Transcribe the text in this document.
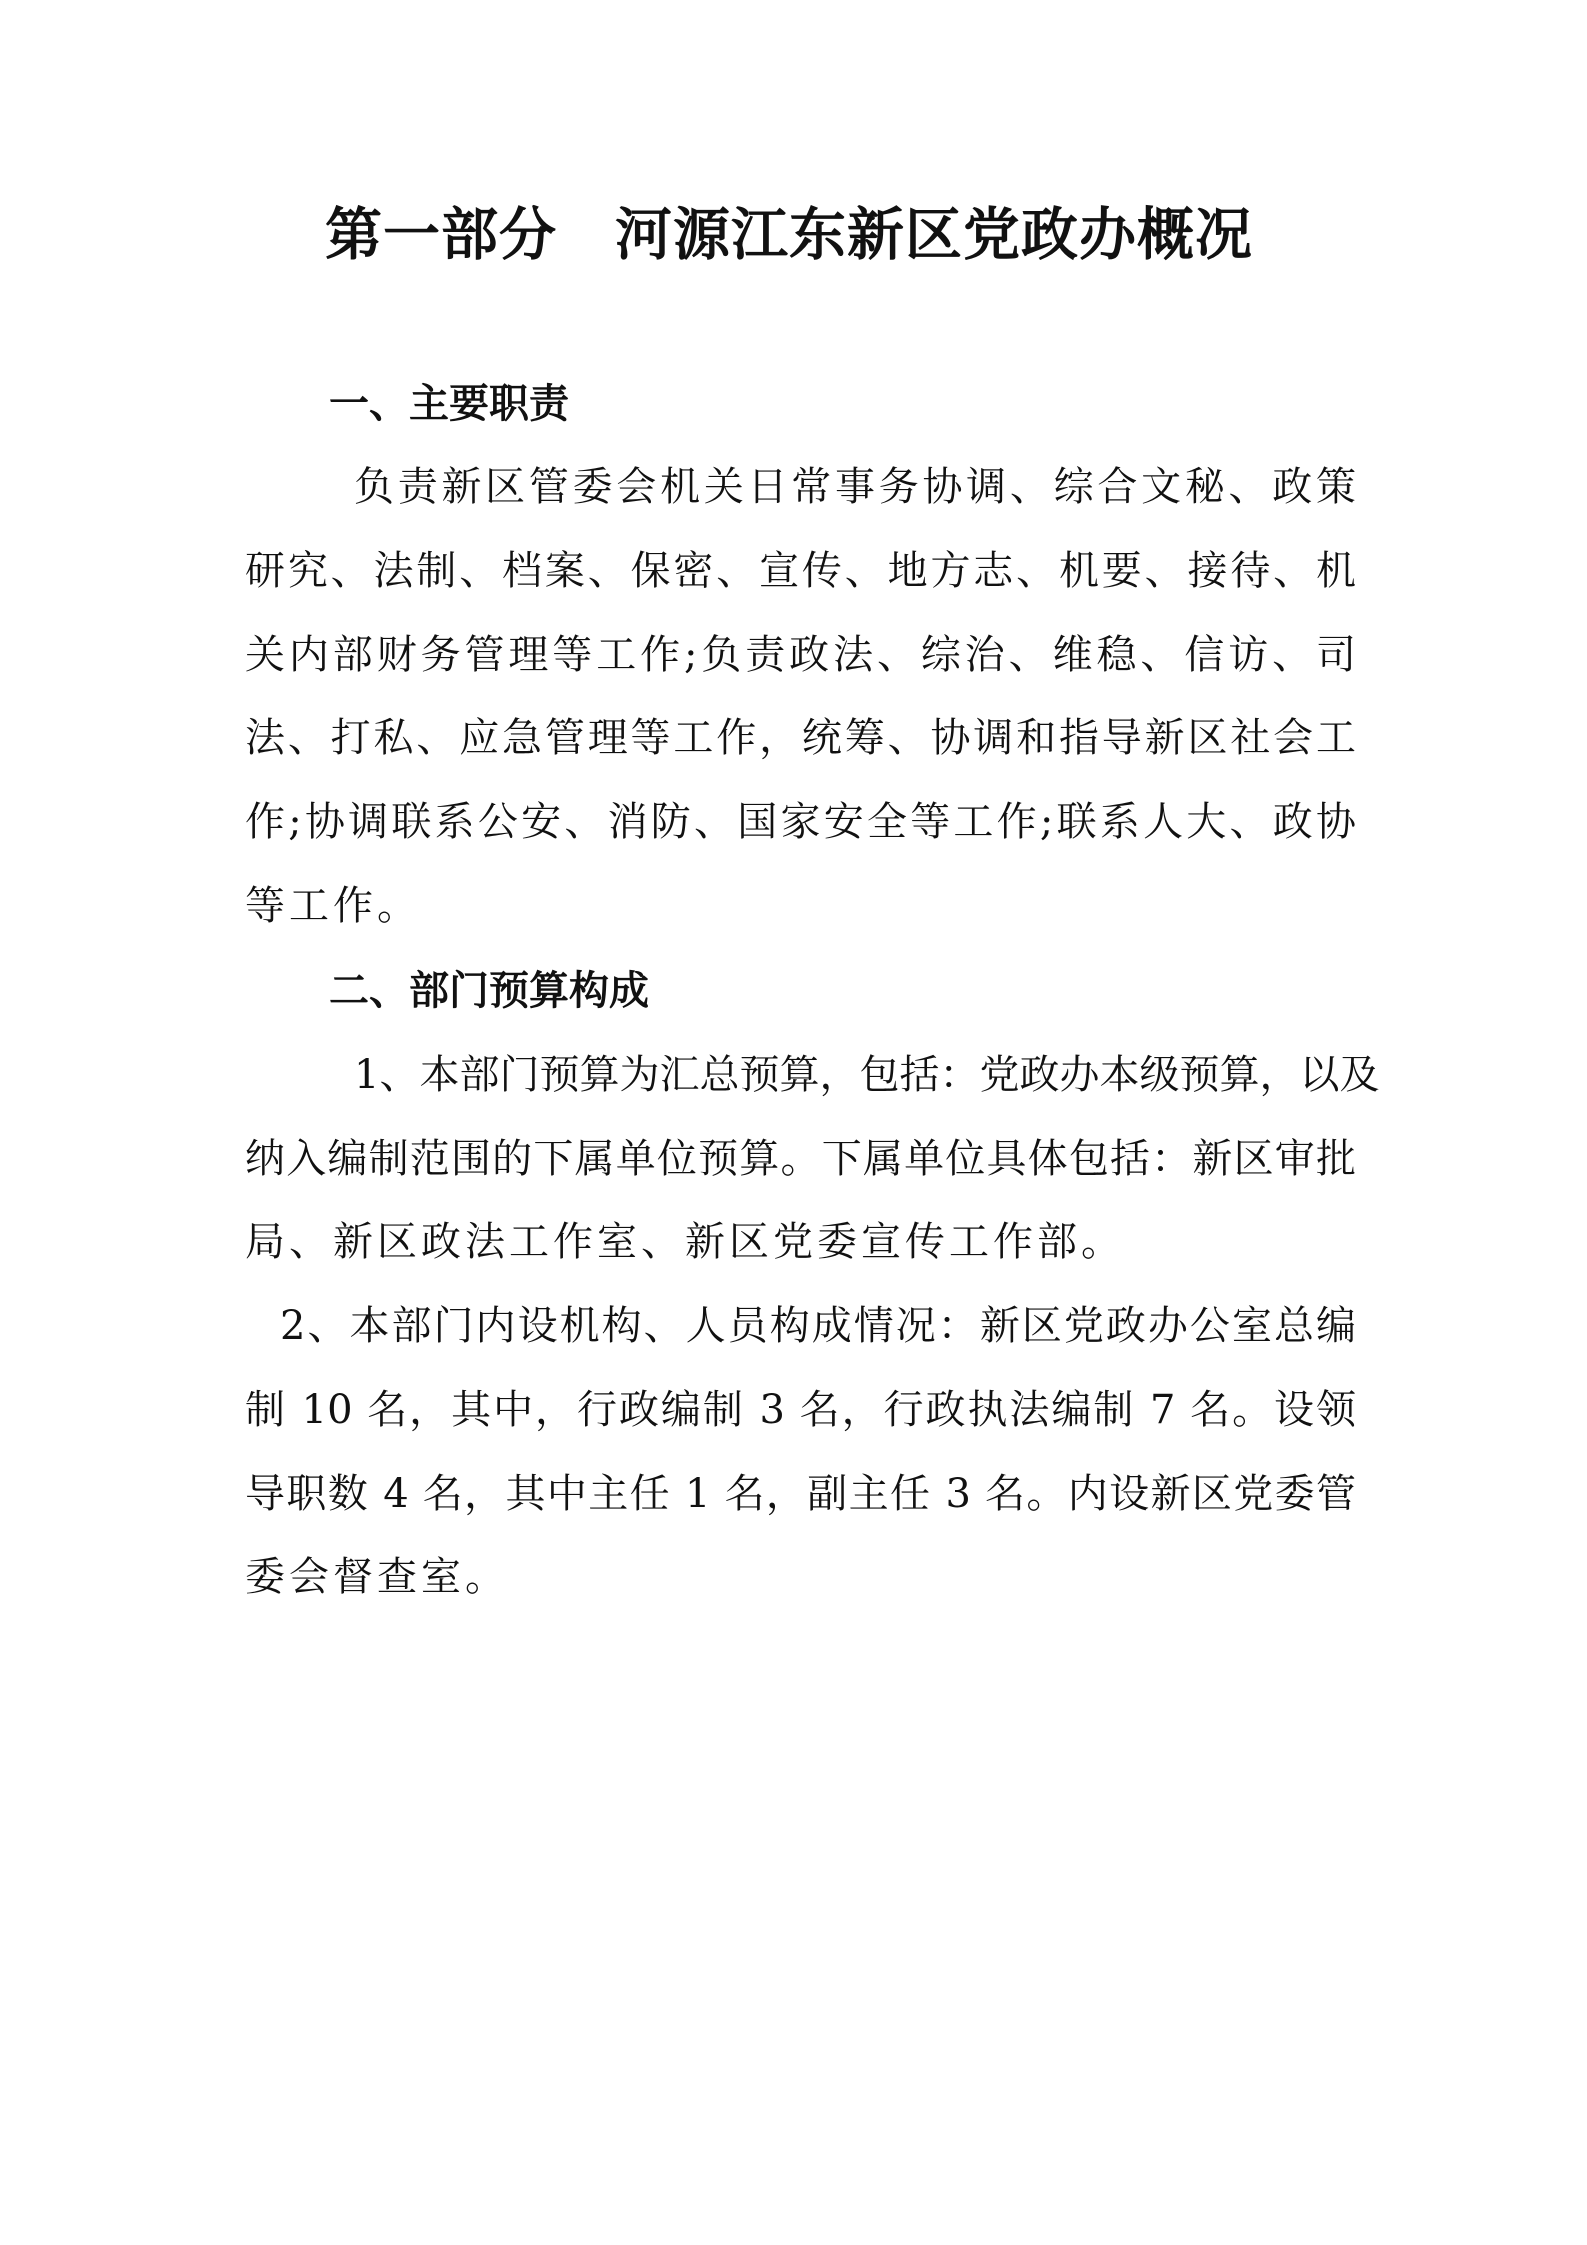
第一部分　河源江东新区党政办概况
一、主要职责
负责新区管委会机关日常事务协调、综合文秘、政策
研究、法制、档案、保密、宣传、地方志、机要、接待、机
关内部财务管理等工作;负责政法、综治、维稳、信访、司
法、打私、应急管理等工作，统筹、协调和指导新区社会工
作;协调联系公安、消防、国家安全等工作;联系人大、政协
等工作。
二、部门预算构成
1、本部门预算为汇总预算，包括：党政办本级预算，以及
纳入编制范围的下属单位预算。下属单位具体包括：新区审批
局、新区政法工作室、新区党委宣传工作部。
2、本部门内设机构、人员构成情况：新区党政办公室总编
制 10 名，其中，行政编制 3 名，行政执法编制 7 名。设领
导职数 4 名，其中主任 1 名，副主任 3 名。内设新区党委管
委会督查室。
